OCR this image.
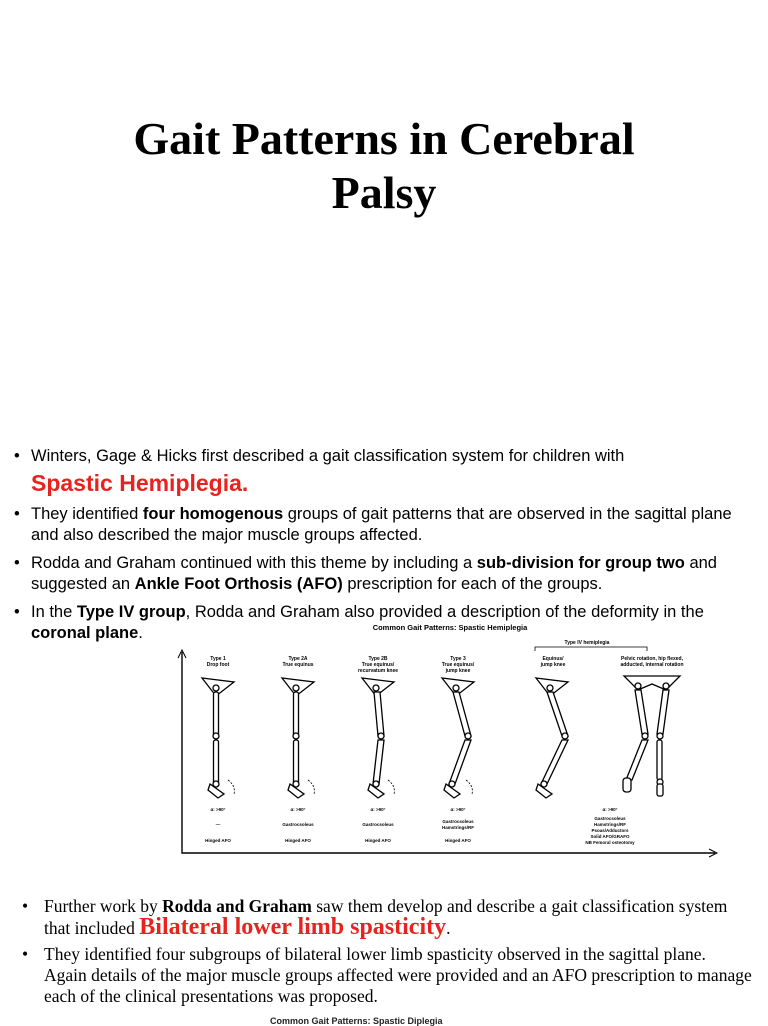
Gait Patterns in Cerebral
Palsy
• Winters, Gage & Hicks first described a gait classification system for children with
Spastic Hemiplegia.
• They identified four homogenous groups of gait patterns that are observed in the sagittal plane and also described the major muscle groups affected.
• Rodda and Graham continued with this theme by including a sub-division for group two and suggested an Ankle Foot Orthosis (AFO) prescription for each of the groups.
• In the Type IV group, Rodda and Graham also provided a description of the deformity in the coronal plane.	Common Gait Patterns: Spastic Hemiplegia
Type IV hemiplegia
Type 1
Drop foot
Type 2A
True equinus
Type 2B
True equinus/
recurvatum knee
Type 3
True equinus/
jump knee
Equinus/
jump knee
Pelvic rotation, hip flexed,
adducted, internal rotation
α: >90°
—
Hinged AFO
α: >90°
Gastrocsoleus
Hinged AFO
α: >90°
Gastrocsoleus
Hinged AFO
α: >90°
Gastrocsoleus
Hamstrings/RF
Hinged AFO
α: >90°
Gastrocsoleus
Hamstrings/RF
Psoas/Adductors
Solid AFO/GRAFO
NB Femoral osteotomy
• Further work by Rodda and Graham saw them develop and describe a gait classification system that included Bilateral lower limb spasticity.
• They identified four subgroups of bilateral lower limb spasticity observed in the sagittal plane. Again details of the major muscle groups affected were provided and an AFO prescription to manage each of the clinical presentations was proposed.
Common Gait Patterns: Spastic Diplegia
